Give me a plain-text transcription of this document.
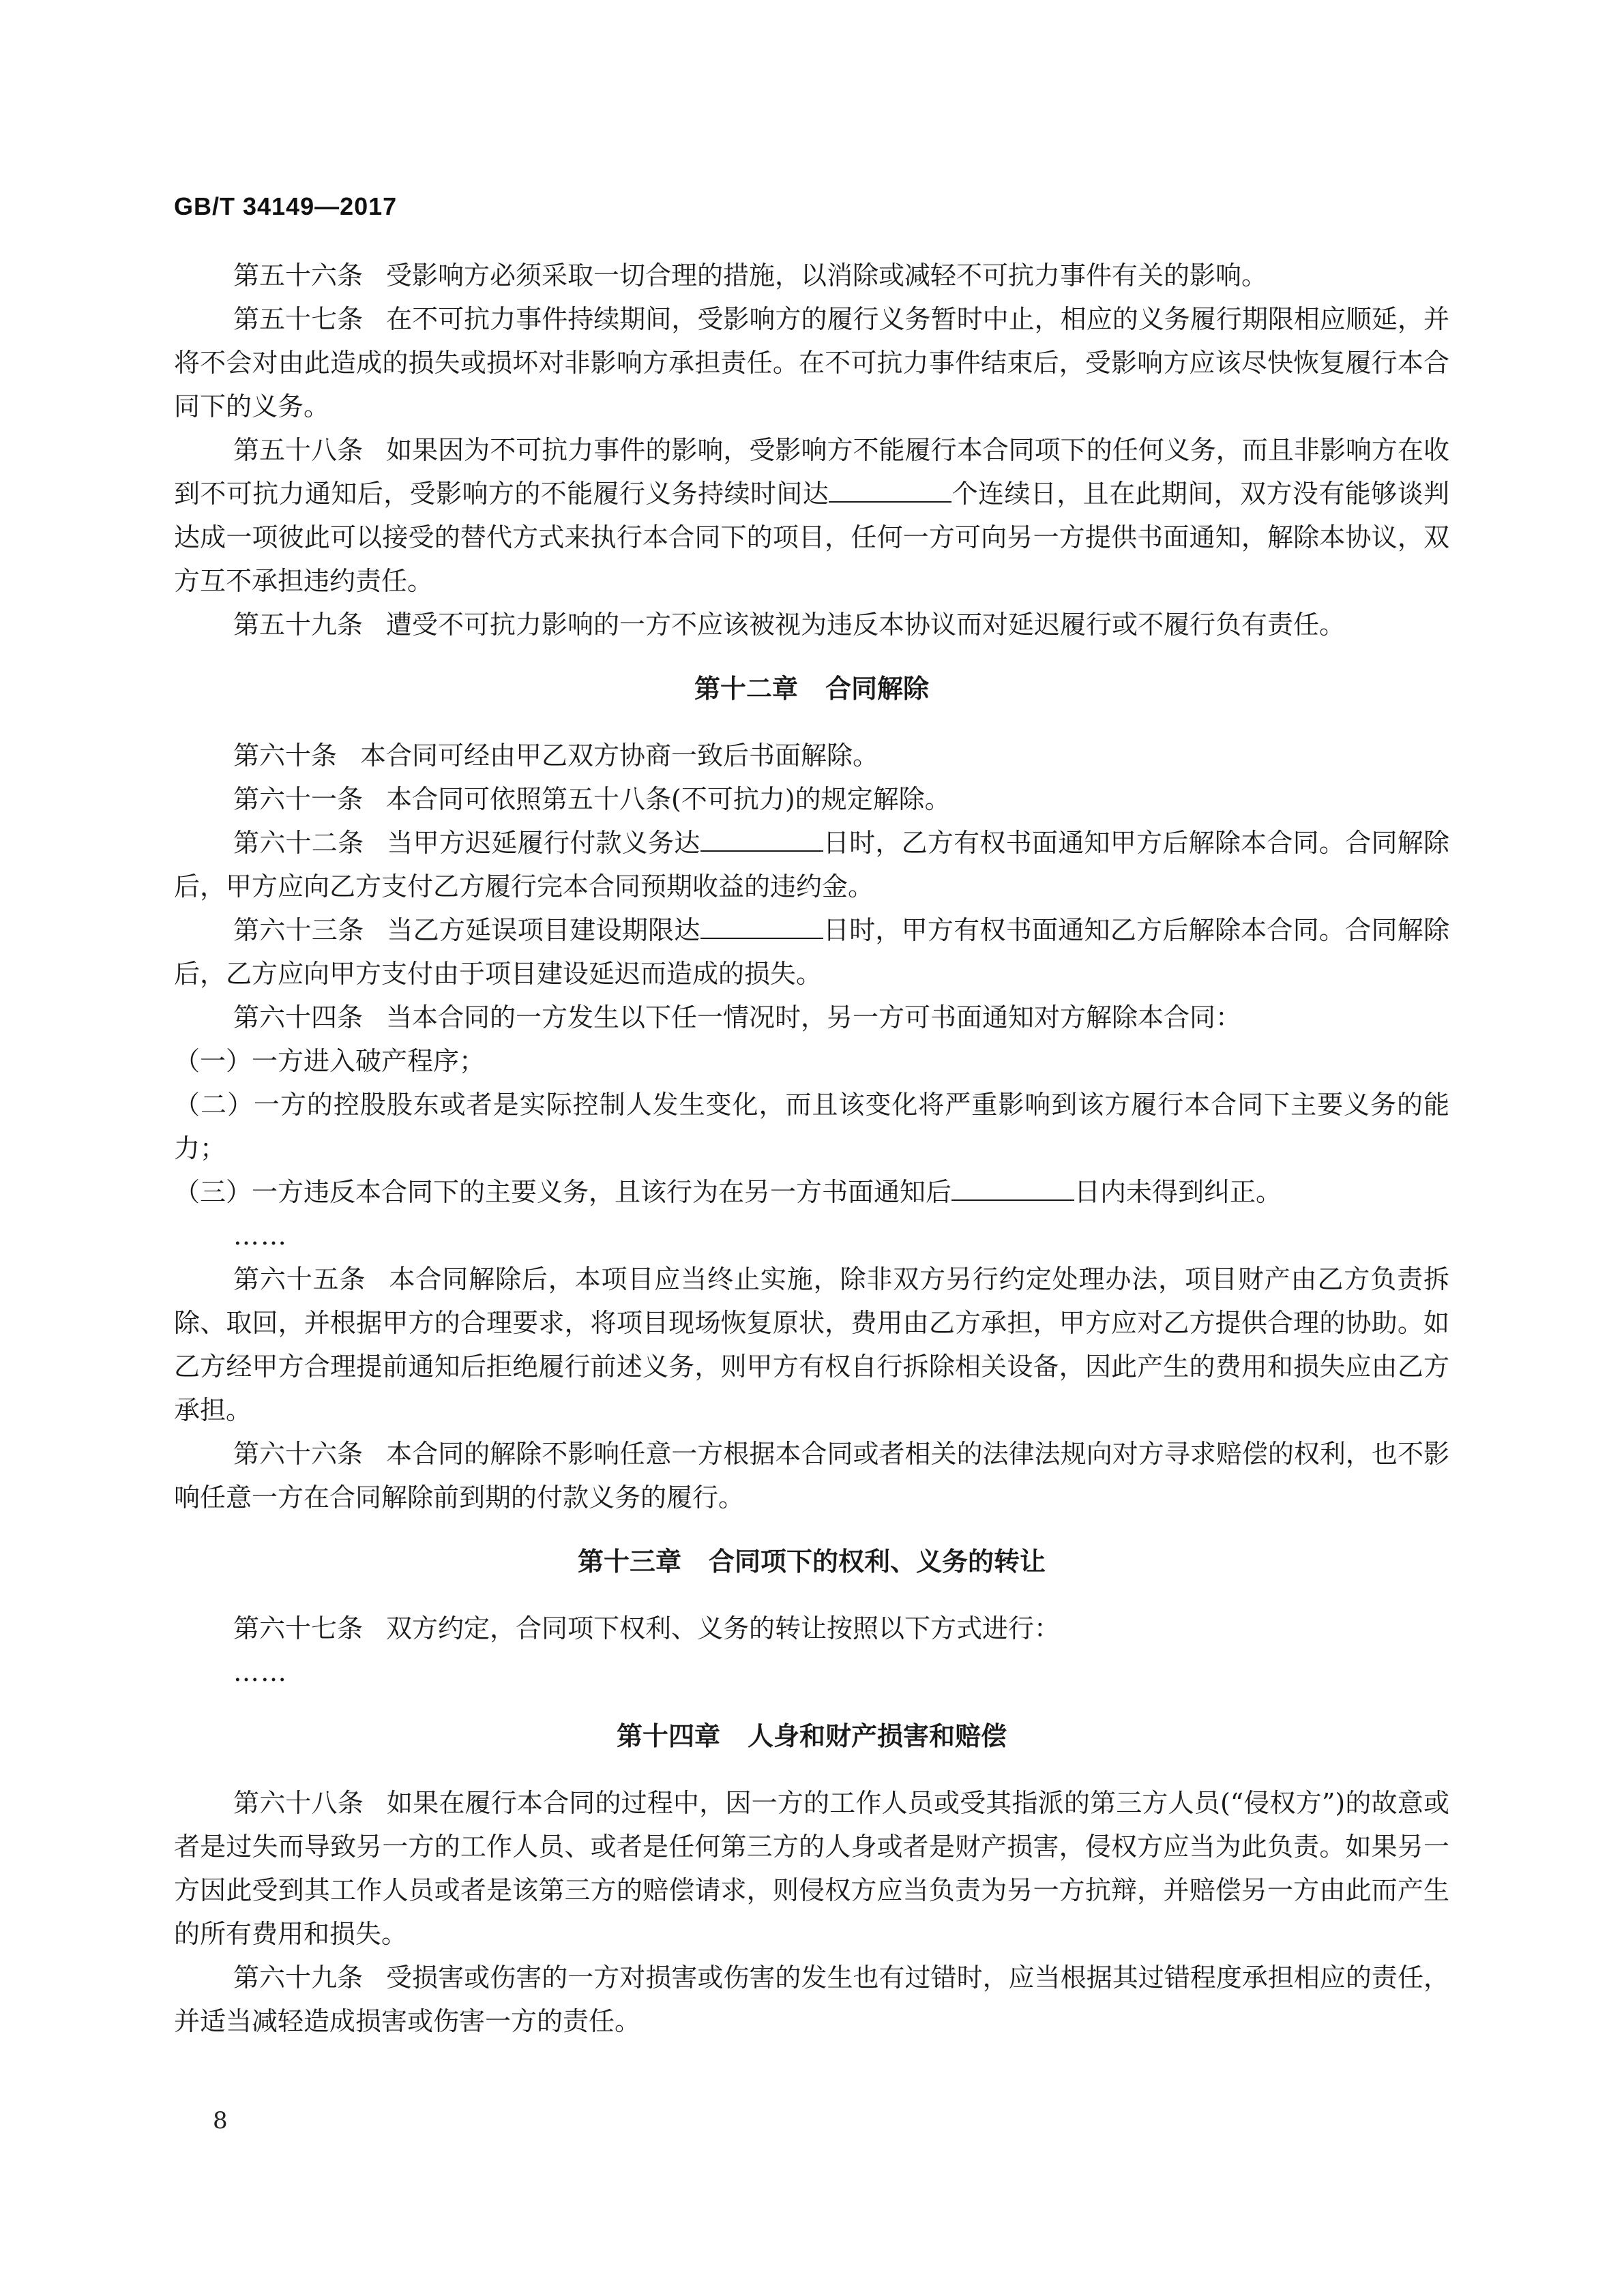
GB/T 34149—2017

第五十六条 受影响方必须采取一切合理的措施，以消除或减轻不可抗力事件有关的影响。

第五十七条 在不可抗力事件持续期间，受影响方的履行义务暂时中止，相应的义务履行期限相应顺延，并将不会对由此造成的损失或损坏对非影响方承担责任。在不可抗力事件结束后，受影响方应该尽快恢复履行本合同下的义务。

第五十八条 如果因为不可抗力事件的影响，受影响方不能履行本合同项下的任何义务，而且非影响方在收到不可抗力通知后，受影响方的不能履行义务持续时间达	个连续日，且在此期间，双方没有能够谈判达成一项彼此可以接受的替代方式来执行本合同下的项目，任何一方可向另一方提供书面通知，解除本协议，双方互不承担违约责任。

第五十九条 遭受不可抗力影响的一方不应该被视为违反本协议而对延迟履行或不履行负有责任。

第十二章 合同解除

第六十条 本合同可经由甲乙双方协商一致后书面解除。

第六十一条 本合同可依照第五十八条(不可抗力)的规定解除。

第六十二条 当甲方迟延履行付款义务达	日时，乙方有权书面通知甲方后解除本合同。合同解除后，甲方应向乙方支付乙方履行完本合同预期收益的违约金。

第六十三条 当乙方延误项目建设期限达	日时，甲方有权书面通知乙方后解除本合同。合同解除后，乙方应向甲方支付由于项目建设延迟而造成的损失。

第六十四条 当本合同的一方发生以下任一情况时，另一方可书面通知对方解除本合同：

（一）一方进入破产程序；

（二）一方的控股股东或者是实际控制人发生变化，而且该变化将严重影响到该方履行本合同下主要义务的能力；

（三）一方违反本合同下的主要义务，且该行为在另一方书面通知后	日内未得到纠正。

……

第六十五条 本合同解除后，本项目应当终止实施，除非双方另行约定处理办法，项目财产由乙方负责拆除、取回，并根据甲方的合理要求，将项目现场恢复原状，费用由乙方承担，甲方应对乙方提供合理的协助。如乙方经甲方合理提前通知后拒绝履行前述义务，则甲方有权自行拆除相关设备，因此产生的费用和损失应由乙方承担。

第六十六条 本合同的解除不影响任意一方根据本合同或者相关的法律法规向对方寻求赔偿的权利，也不影响任意一方在合同解除前到期的付款义务的履行。

第十三章 合同项下的权利、义务的转让

第六十七条 双方约定，合同项下权利、义务的转让按照以下方式进行：

……

第十四章 人身和财产损害和赔偿

第六十八条 如果在履行本合同的过程中，因一方的工作人员或受其指派的第三方人员(“侵权方”)的故意或者是过失而导致另一方的工作人员、或者是任何第三方的人身或者是财产损害，侵权方应当为此负责。如果另一方因此受到其工作人员或者是该第三方的赔偿请求，则侵权方应当负责为另一方抗辩，并赔偿另一方由此而产生的所有费用和损失。

第六十九条 受损害或伤害的一方对损害或伤害的发生也有过错时，应当根据其过错程度承担相应的责任，并适当减轻造成损害或伤害一方的责任。

8
